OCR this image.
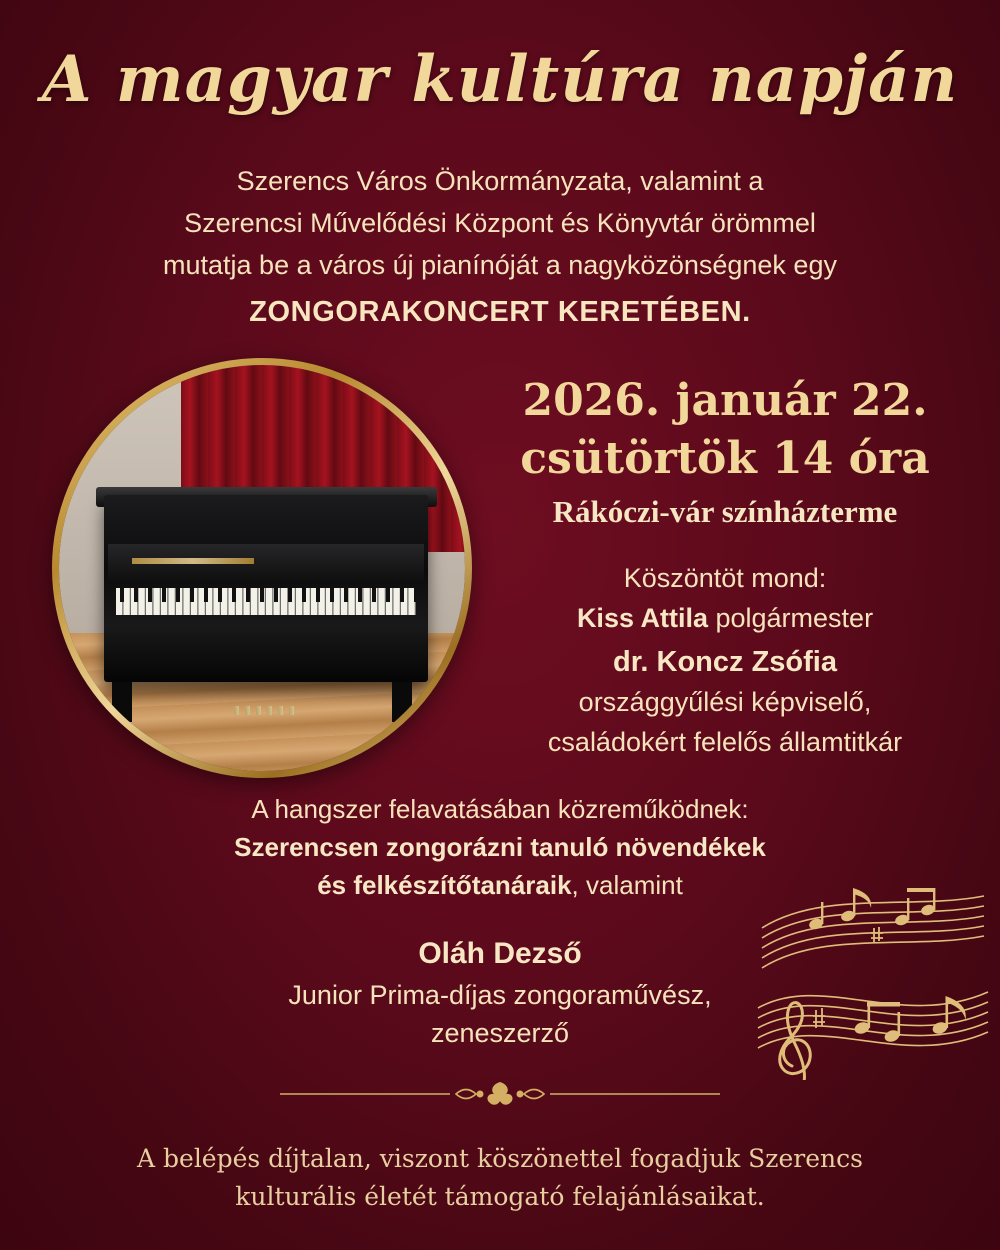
A magyar kultúra napján
Szerencs Város Önkormányzata, valamint a
Szerencsi Művelődési Központ és Könyvtár örömmel
mutatja be a város új pianínóját a nagyközönségnek egy
ZONGORAKONCERT KERETÉBEN.
2026. január 22.
csütörtök 14 óra
Rákóczi-vár színházterme
Köszöntöt mond:
Kiss Attila polgármester
dr. Koncz Zsófia
országgyűlési képviselő,
családokért felelős államtitkár
A hangszer felavatásában közreműködnek:
Szerencsen zongorázni tanuló növendékek
és felkészítőtanáraik, valamint
Oláh Dezső
Junior Prima-díjas zongoraművész,
zeneszerző
A belépés díjtalan, viszont köszönettel fogadjuk Szerencs
kulturális életét támogató felajánlásaikat.
